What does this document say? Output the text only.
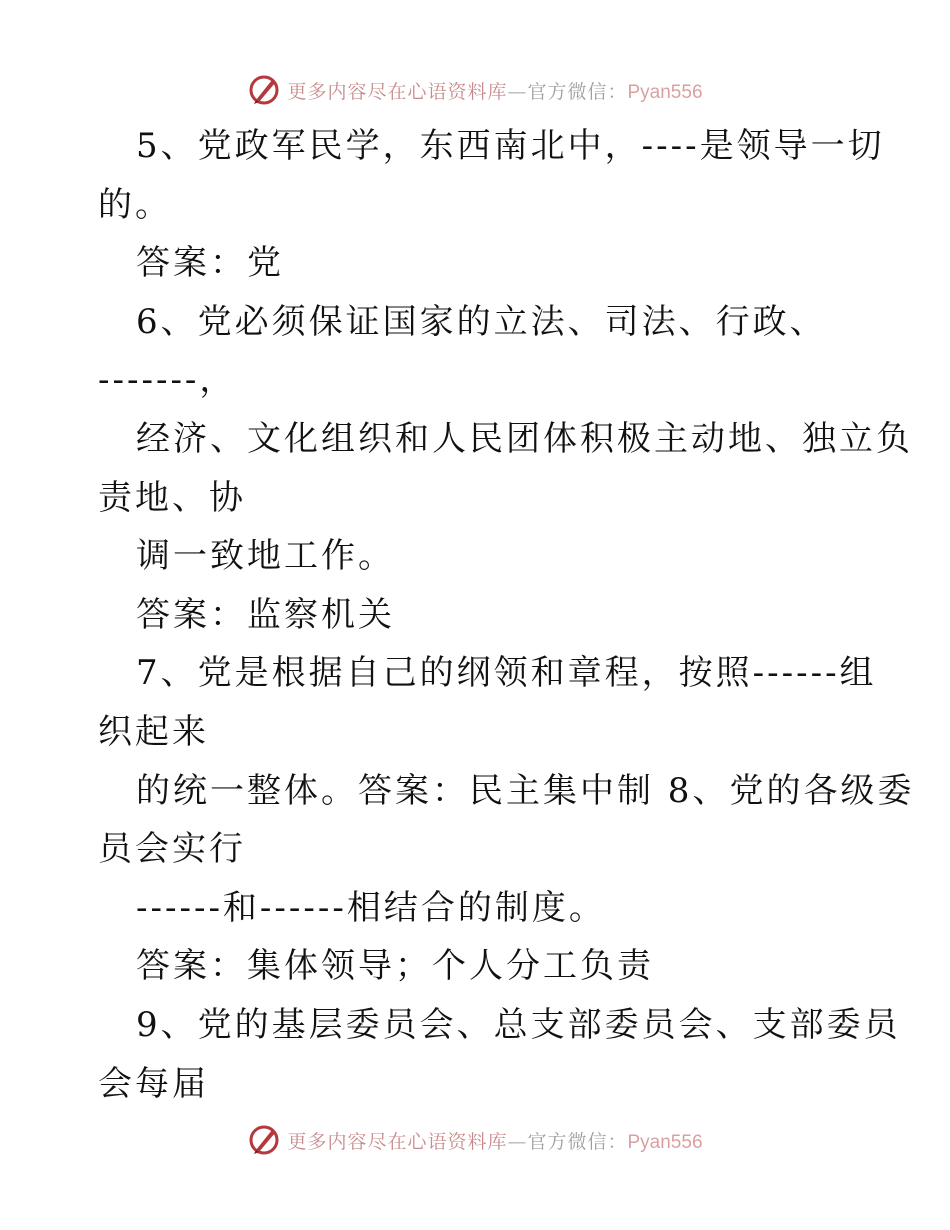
更多内容尽在心语资料库—官方微信：Pyan556
5、党政军民学，东西南北中，----是领导一切
的。
答案：党
6、党必须保证国家的立法、司法、行政、
-------，
经济、文化组织和人民团体积极主动地、独立负
责地、协
调一致地工作。
答案：监察机关
7、党是根据自己的纲领和章程，按照------组
织起来
的统一整体。答案：民主集中制 8、党的各级委
员会实行
------和------相结合的制度。
答案：集体领导；个人分工负责
9、党的基层委员会、总支部委员会、支部委员
会每届
更多内容尽在心语资料库—官方微信：Pyan556
